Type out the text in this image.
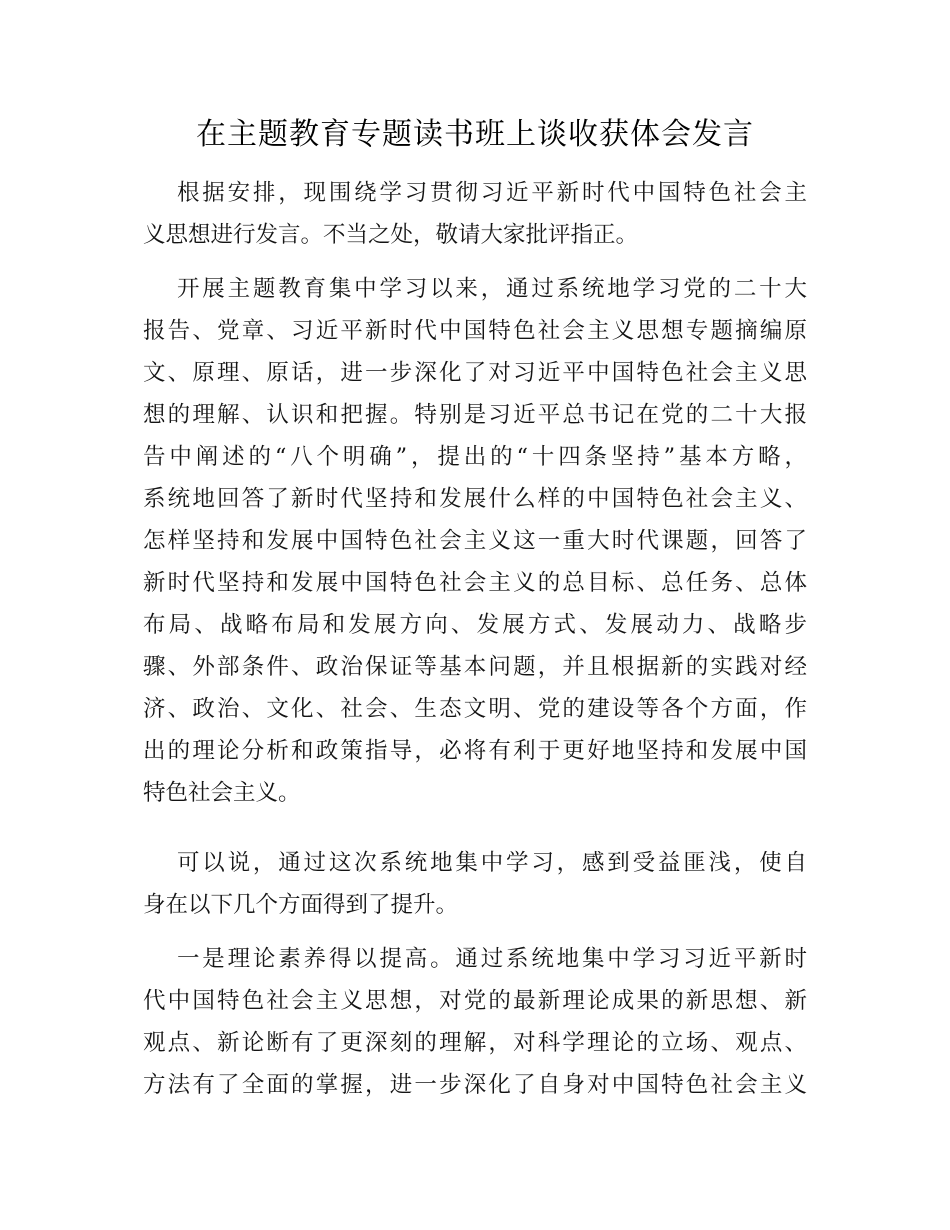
在主题教育专题读书班上谈收获体会发言
根据安排，现围绕学习贯彻习近平新时代中国特色社会主
义思想进行发言。不当之处，敬请大家批评指正。
开展主题教育集中学习以来，通过系统地学习党的二十大
报告、党章、习近平新时代中国特色社会主义思想专题摘编原
文、原理、原话，进一步深化了对习近平中国特色社会主义思
想的理解、认识和把握。特别是习近平总书记在党的二十大报
告中阐述的“八个明确”，提出的“十四条坚持”基本方略，
系统地回答了新时代坚持和发展什么样的中国特色社会主义、
怎样坚持和发展中国特色社会主义这一重大时代课题，回答了
新时代坚持和发展中国特色社会主义的总目标、总任务、总体
布局、战略布局和发展方向、发展方式、发展动力、战略步
骤、外部条件、政治保证等基本问题，并且根据新的实践对经
济、政治、文化、社会、生态文明、党的建设等各个方面，作
出的理论分析和政策指导，必将有利于更好地坚持和发展中国
特色社会主义。
可以说，通过这次系统地集中学习，感到受益匪浅，使自
身在以下几个方面得到了提升。
一是理论素养得以提高。通过系统地集中学习习近平新时
代中国特色社会主义思想，对党的最新理论成果的新思想、新
观点、新论断有了更深刻的理解，对科学理论的立场、观点、
方法有了全面的掌握，进一步深化了自身对中国特色社会主义
